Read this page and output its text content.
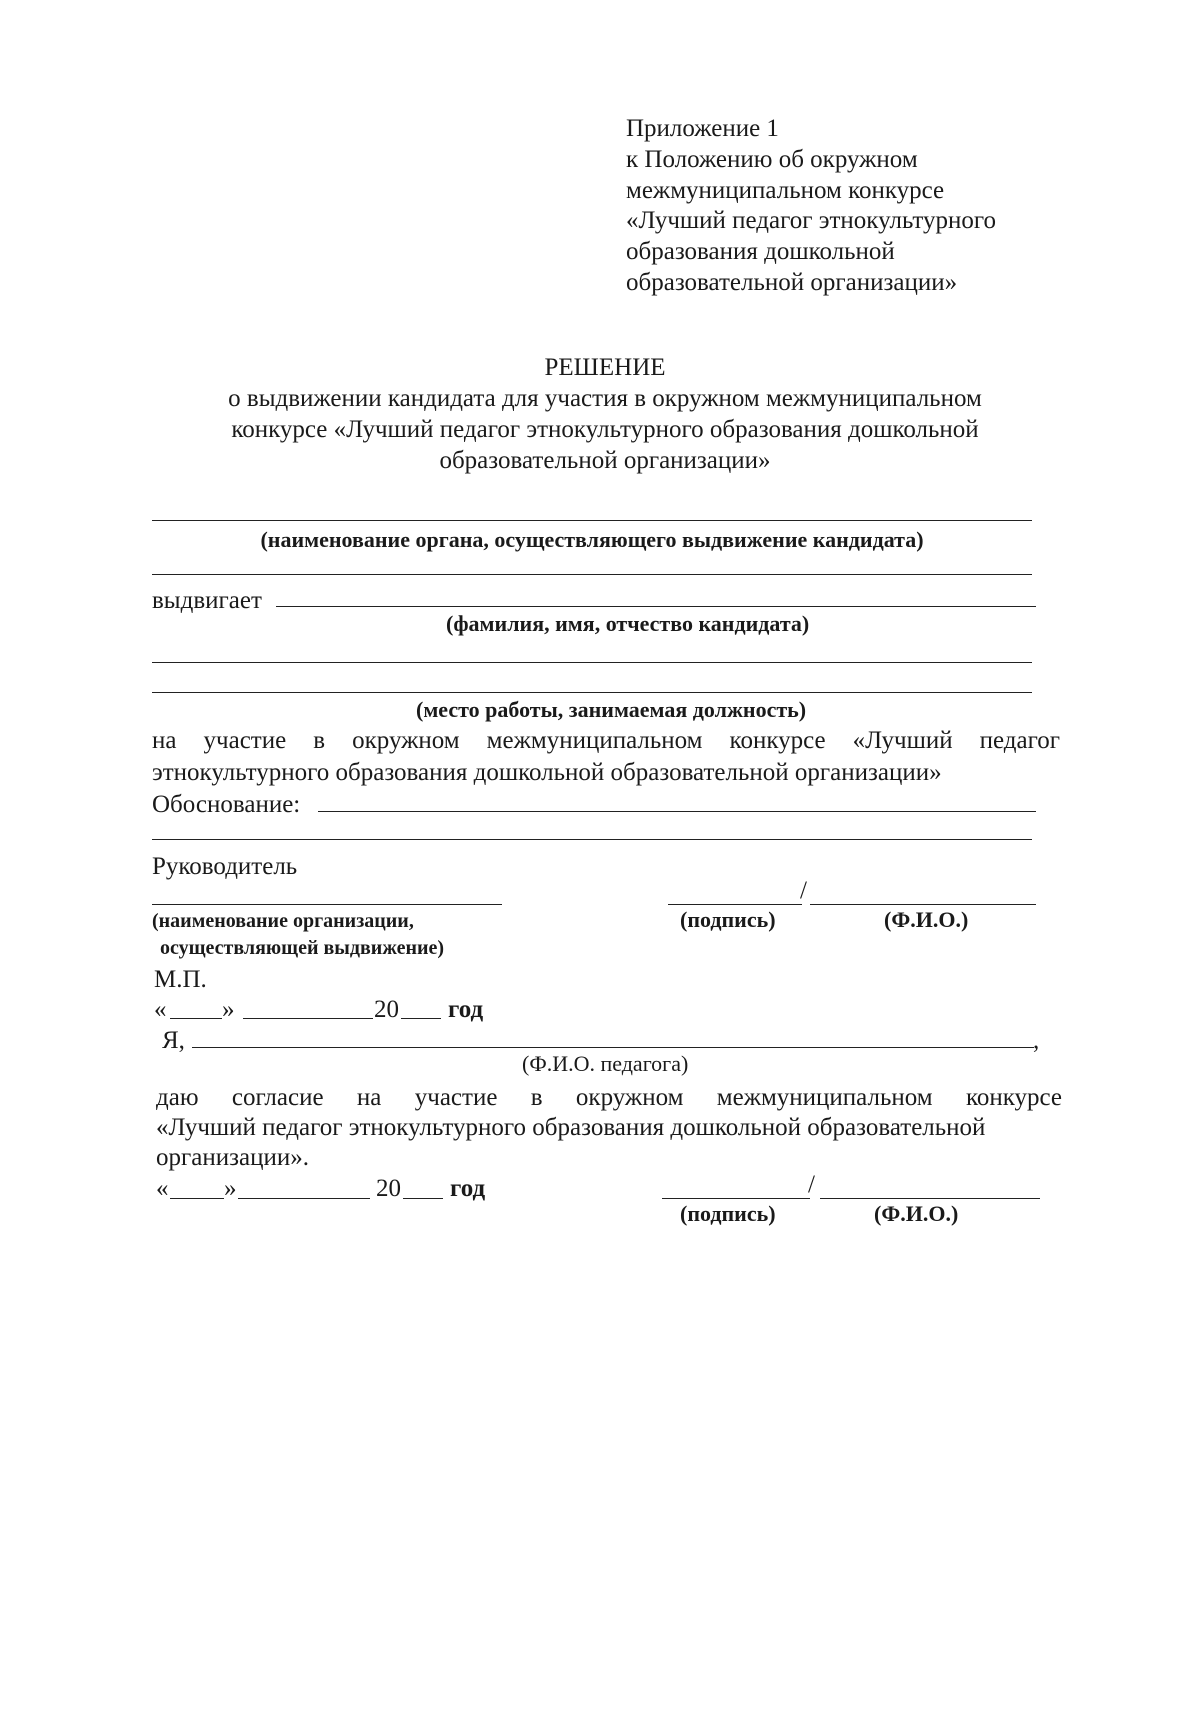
Приложение 1
к Положению об окружном
межмуниципальном конкурсе
«Лучший педагог этнокультурного
образования дошкольной
образовательной организации»
РЕШЕНИЕ
о выдвижении кандидата для участия в окружном межмуниципальном
конкурсе «Лучший педагог этнокультурного образования дошкольной
образовательной организации»
(наименование органа, осуществляющего выдвижение кандидата)
выдвигает
(фамилия, имя, отчество кандидата)
(место работы, занимаемая должность)
на участие в окружном межмуниципальном конкурсе «Лучший педагог
этнокультурного образования дошкольной образовательной организации»
Обоснование:
Руководитель
/
(наименование организации,
осуществляющей выдвижение)
(подпись)	(Ф.И.О.)
М.П.
« »	20 год
Я,	,
(Ф.И.О. педагога)
даю согласие на участие в окружном межмуниципальном конкурсе
«Лучший педагог этнокультурного образования дошкольной образовательной
организации».
« »	20 год	/
(подпись)	(Ф.И.О.)
